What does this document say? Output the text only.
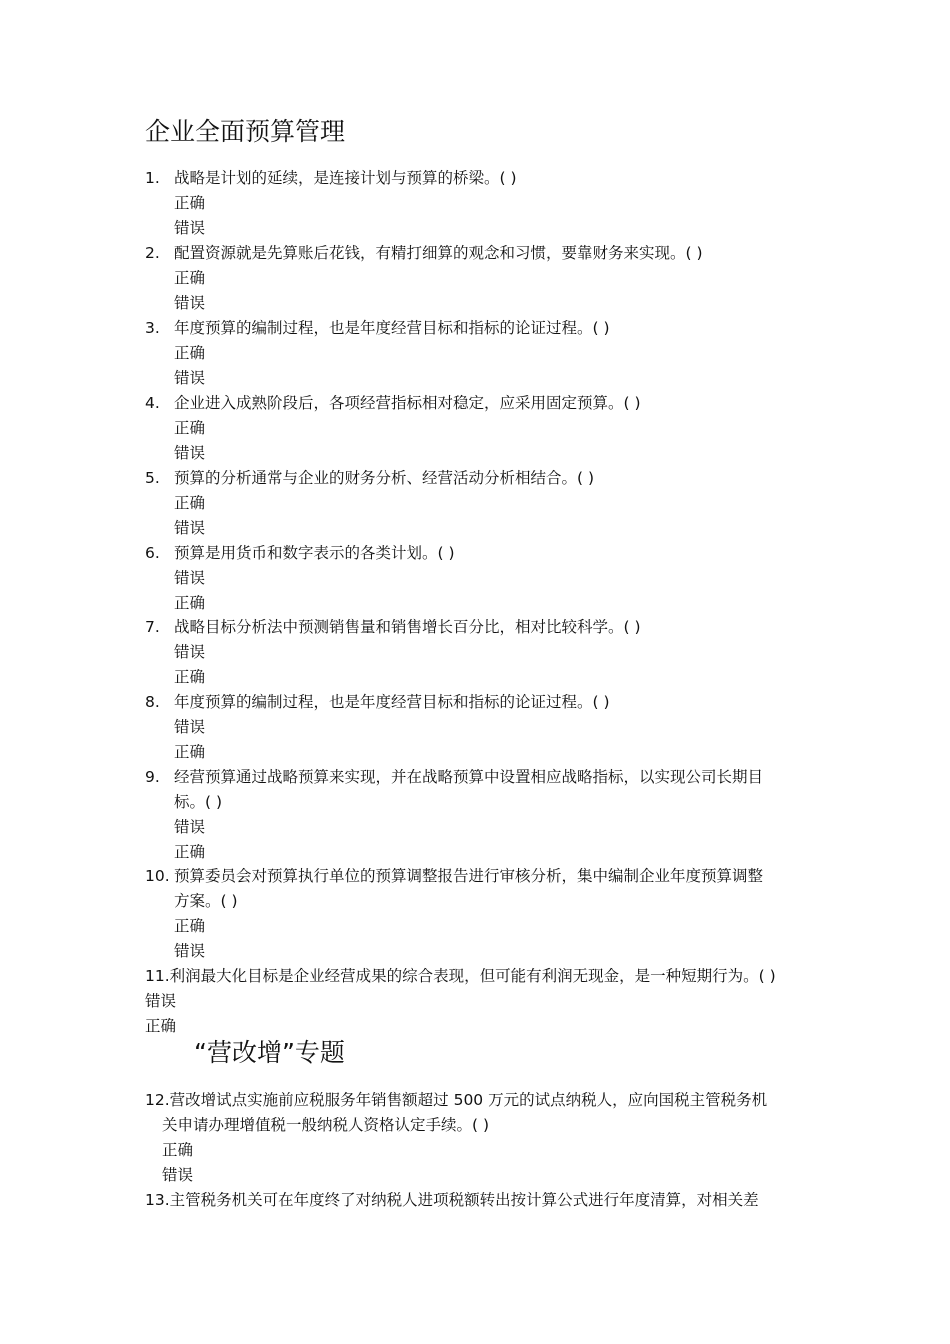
企业全面预算管理
1. 战略是计划的延续，是连接计划与预算的桥梁。( )
正确
错误
2. 配置资源就是先算账后花钱，有精打细算的观念和习惯，要靠财务来实现。( )
正确
错误
3. 年度预算的编制过程，也是年度经营目标和指标的论证过程。( )
正确
错误
4. 企业进入成熟阶段后，各项经营指标相对稳定，应采用固定预算。( )
正确
错误
5. 预算的分析通常与企业的财务分析、经营活动分析相结合。( )
正确
错误
6. 预算是用货币和数字表示的各类计划。( )
错误
正确
7. 战略目标分析法中预测销售量和销售增长百分比，相对比较科学。( )
错误
正确
8. 年度预算的编制过程，也是年度经营目标和指标的论证过程。( )
错误
正确
9. 经营预算通过战略预算来实现，并在战略预算中设置相应战略指标，以实现公司长期目
标。( )
错误
正确
10. 预算委员会对预算执行单位的预算调整报告进行审核分析，集中编制企业年度预算调整
方案。( )
正确
错误
11.利润最大化目标是企业经营成果的综合表现，但可能有利润无现金，是一种短期行为。( )
错误
正确
“营改增”专题
12.营改增试点实施前应税服务年销售额超过 500 万元的试点纳税人，应向国税主管税务机
关申请办理增值税一般纳税人资格认定手续。( )
正确
错误
13.主管税务机关可在年度终了对纳税人进项税额转出按计算公式进行年度清算，对相关差
